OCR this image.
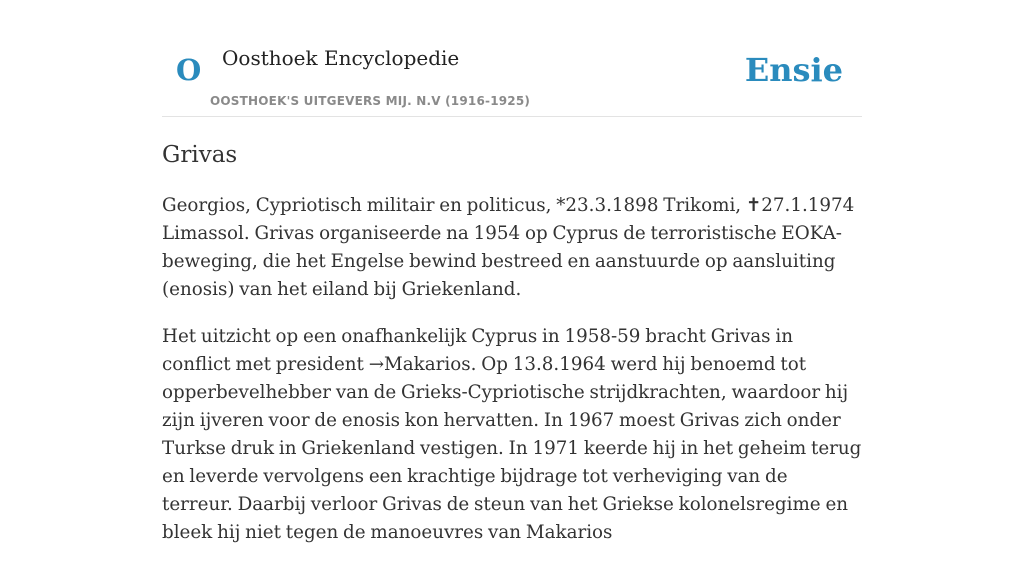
O Oosthoek Encyclopedie
OOSTHOEK'S UITGEVERS MIJ. N.V (1916-1925)
Ensie
Grivas

Georgios, Cypriotisch militair en politicus, *23.3.1898 Trikomi, ✝27.1.1974 Limassol. Grivas organiseerde na 1954 op Cyprus de terroristische EOKA-beweging, die het Engelse bewind bestreed en aanstuurde op aansluiting (enosis) van het eiland bij Griekenland.

Het uitzicht op een onafhankelijk Cyprus in 1958-59 bracht Grivas in conflict met president →Makarios. Op 13.8.1964 werd hij benoemd tot opperbevelhebber van de Grieks-Cypriotische strijdkrachten, waardoor hij zijn ijveren voor de enosis kon hervatten. In 1967 moest Grivas zich onder Turkse druk in Griekenland vestigen. In 1971 keerde hij in het geheim terug en leverde vervolgens een krachtige bijdrage tot verheviging van de terreur. Daarbij verloor Grivas de steun van het Griekse kolonelsregime en bleek hij niet tegen de manoeuvres van Makarios
